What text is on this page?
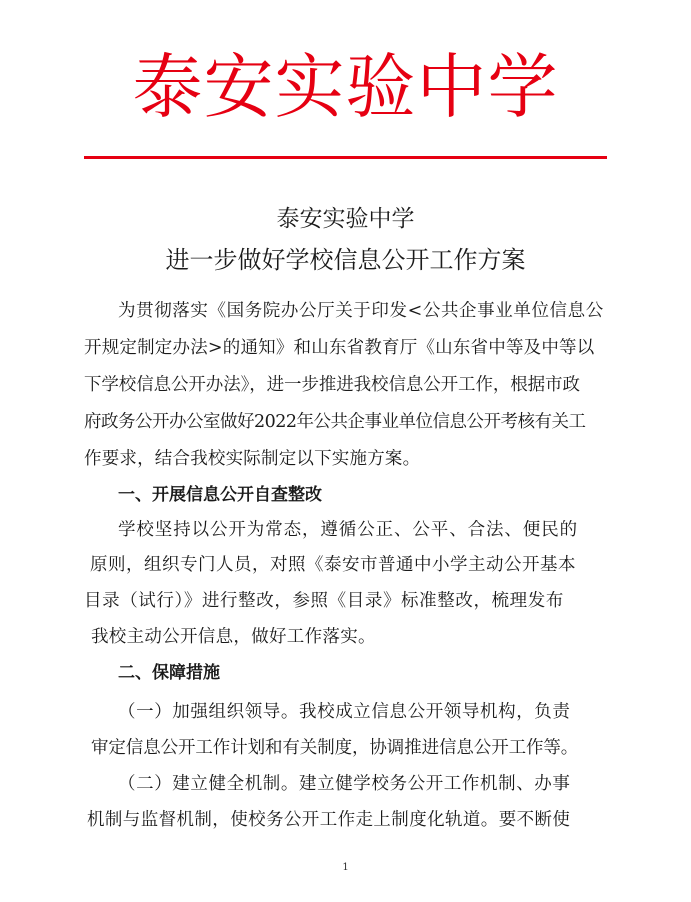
泰安实验中学
泰安实验中学
进一步做好学校信息公开工作方案
为贯彻落实《国务院办公厅关于印发<公共企事业单位信息公
开规定制定办法>的通知》和山东省教育厅《山东省中等及中等以
下学校信息公开办法》，进一步推进我校信息公开工作，根据市政
府政务公开办公室做好2022年公共企事业单位信息公开考核有关工
作要求，结合我校实际制定以下实施方案。
一、开展信息公开自查整改
学校坚持以公开为常态，遵循公正、公平、合法、便民的
原则，组织专门人员，对照《泰安市普通中小学主动公开基本
目录（试行）》进行整改，参照《目录》标准整改，梳理发布
我校主动公开信息，做好工作落实。
二、保障措施
（一）加强组织领导。我校成立信息公开领导机构，负责
审定信息公开工作计划和有关制度，协调推进信息公开工作等。
（二）建立健全机制。建立健学校务公开工作机制、办事
机制与监督机制，使校务公开工作走上制度化轨道。要不断使
1
